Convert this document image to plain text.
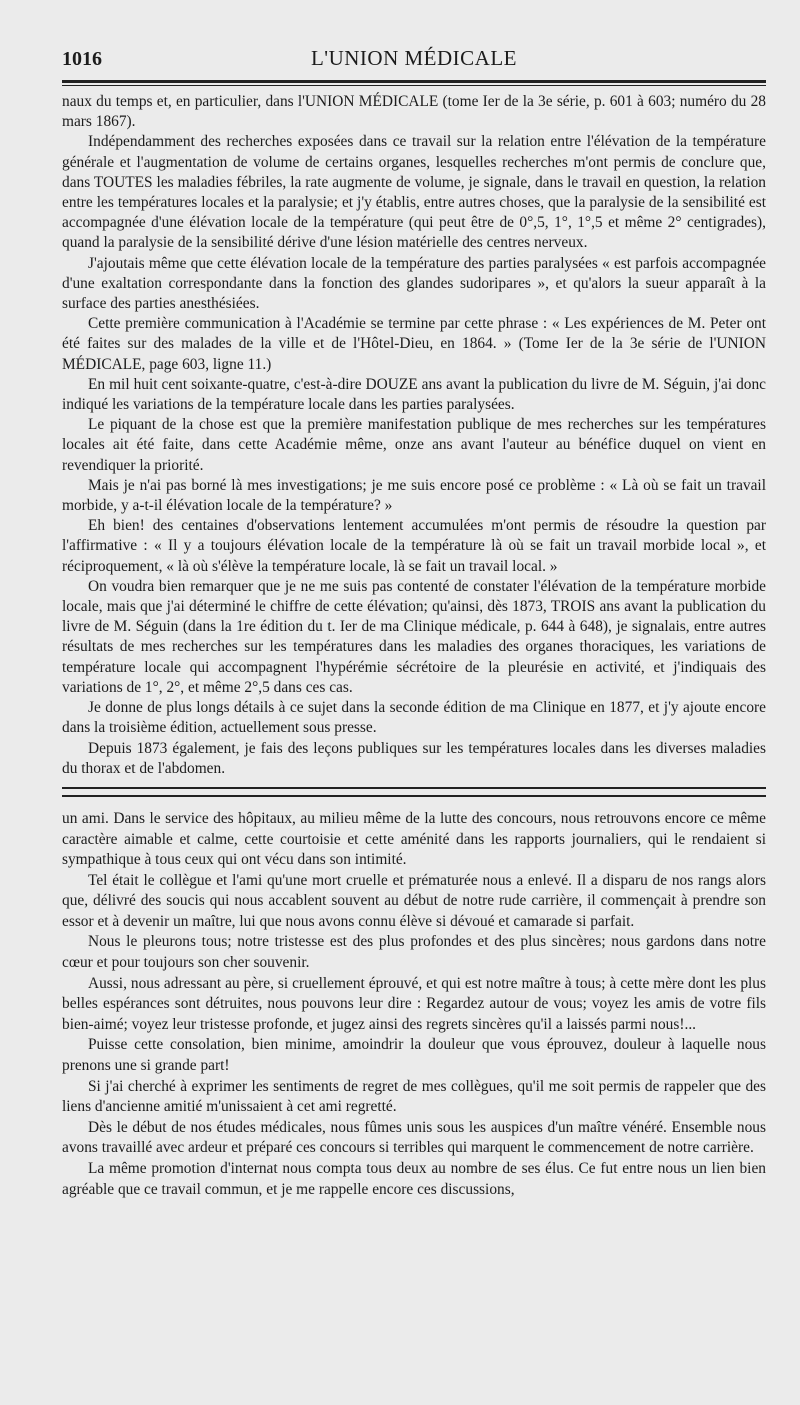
1016	L'UNION MÉDICALE

naux du temps et, en particulier, dans l'UNION MÉDICALE (tome Ier de la 3e série, p. 601 à 603; numéro du 28 mars 1867).

Indépendamment des recherches exposées dans ce travail sur la relation entre l'élévation de la température générale et l'augmentation de volume de certains organes, lesquelles recherches m'ont permis de conclure que, dans TOUTES les maladies fébriles, la rate augmente de volume, je signale, dans le travail en question, la relation entre les températures locales et la paralysie; et j'y établis, entre autres choses, que la paralysie de la sensibilité est accompagnée d'une élévation locale de la température (qui peut être de 0°,5, 1°, 1°,5 et même 2° centigrades), quand la paralysie de la sensibilité dérive d'une lésion matérielle des centres nerveux.

J'ajoutais même que cette élévation locale de la température des parties paralysées « est parfois accompagnée d'une exaltation correspondante dans la fonction des glandes sudoripares », et qu'alors la sueur apparaît à la surface des parties anesthésiées.

Cette première communication à l'Académie se termine par cette phrase : « Les expériences de M. Peter ont été faites sur des malades de la ville et de l'Hôtel-Dieu, en 1864. » (Tome Ier de la 3e série de l'UNION MÉDICALE, page 603, ligne 11.)

En mil huit cent soixante-quatre, c'est-à-dire DOUZE ans avant la publication du livre de M. Séguin, j'ai donc indiqué les variations de la température locale dans les parties paralysées.

Le piquant de la chose est que la première manifestation publique de mes recherches sur les températures locales ait été faite, dans cette Académie même, onze ans avant l'auteur au bénéfice duquel on vient en revendiquer la priorité.

Mais je n'ai pas borné là mes investigations; je me suis encore posé ce problème : « Là où se fait un travail morbide, y a-t-il élévation locale de la température? »

Eh bien! des centaines d'observations lentement accumulées m'ont permis de résoudre la question par l'affirmative : « Il y a toujours élévation locale de la température là où se fait un travail morbide local », et réciproquement, « là où s'élève la température locale, là se fait un travail local. »

On voudra bien remarquer que je ne me suis pas contenté de constater l'élévation de la température morbide locale, mais que j'ai déterminé le chiffre de cette élévation; qu'ainsi, dès 1873, TROIS ans avant la publication du livre de M. Séguin (dans la 1re édition du t. Ier de ma Clinique médicale, p. 644 à 648), je signalais, entre autres résultats de mes recherches sur les températures dans les maladies des organes thoraciques, les variations de température locale qui accompagnent l'hypérémie sécrétoire de la pleurésie en activité, et j'indiquais des variations de 1°, 2°, et même 2°,5 dans ces cas.

Je donne de plus longs détails à ce sujet dans la seconde édition de ma Clinique en 1877, et j'y ajoute encore dans la troisième édition, actuellement sous presse.

Depuis 1873 également, je fais des leçons publiques sur les températures locales dans les diverses maladies du thorax et de l'abdomen.

un ami. Dans le service des hôpitaux, au milieu même de la lutte des concours, nous retrouvons encore ce même caractère aimable et calme, cette courtoisie et cette aménité dans les rapports journaliers, qui le rendaient si sympathique à tous ceux qui ont vécu dans son intimité.

Tel était le collègue et l'ami qu'une mort cruelle et prématurée nous a enlevé. Il a disparu de nos rangs alors que, délivré des soucis qui nous accablent souvent au début de notre rude carrière, il commençait à prendre son essor et à devenir un maître, lui que nous avons connu élève si dévoué et camarade si parfait.

Nous le pleurons tous; notre tristesse est des plus profondes et des plus sincères; nous gardons dans notre cœur et pour toujours son cher souvenir.

Aussi, nous adressant au père, si cruellement éprouvé, et qui est notre maître à tous; à cette mère dont les plus belles espérances sont détruites, nous pouvons leur dire : Regardez autour de vous; voyez les amis de votre fils bien-aimé; voyez leur tristesse profonde, et jugez ainsi des regrets sincères qu'il a laissés parmi nous!...

Puisse cette consolation, bien minime, amoindrir la douleur que vous éprouvez, douleur à laquelle nous prenons une si grande part!

Si j'ai cherché à exprimer les sentiments de regret de mes collègues, qu'il me soit permis de rappeler que des liens d'ancienne amitié m'unissaient à cet ami regretté.

Dès le début de nos études médicales, nous fûmes unis sous les auspices d'un maître vénéré. Ensemble nous avons travaillé avec ardeur et préparé ces concours si terribles qui marquent le commencement de notre carrière.

La même promotion d'internat nous compta tous deux au nombre de ses élus. Ce fut entre nous un lien bien agréable que ce travail commun, et je me rappelle encore ces discussions,
